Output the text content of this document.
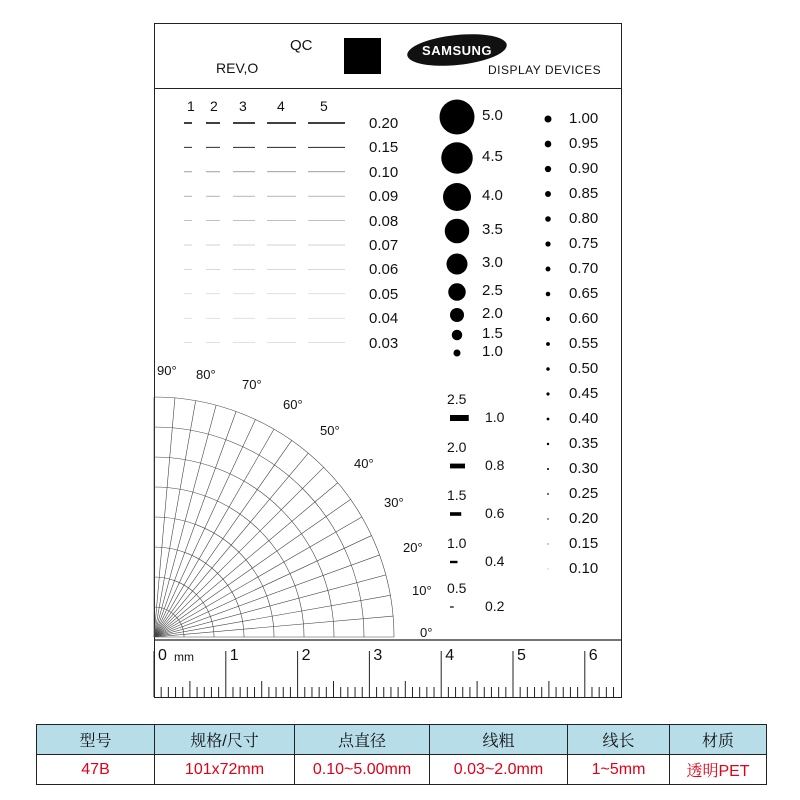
QC
REV,O
SAMSUNG
DISPLAY DEVICES
1 2 3 4	5
0.20
0.15
0.10
0.09
0.08
0.07
0.06
0.05
0.04
0.03
5.0
4.5
4.0
3.5
3.0
2.5
2.0
1.5
1.0
1.00
0.95
0.90
0.85
0.80
0.75
0.70
0.65
0.60
0.55
0.50
0.45
0.40
0.35
0.30
0.25
0.20
0.15
0.10
2.5
1.0
2.0
0.8
1.5
0.6
1.0
0.4
0.5
0.2
90° 80°
70°
60°
50°
40°
30°
20°
10°
0°
0	1	2	3	4	5	6
mm
型号	规格/尺寸	点直径	线粗	线长	材质
47B	101x72mm	0.10~5.00mm	0.03~2.0mm	1~5mm	透明PET
